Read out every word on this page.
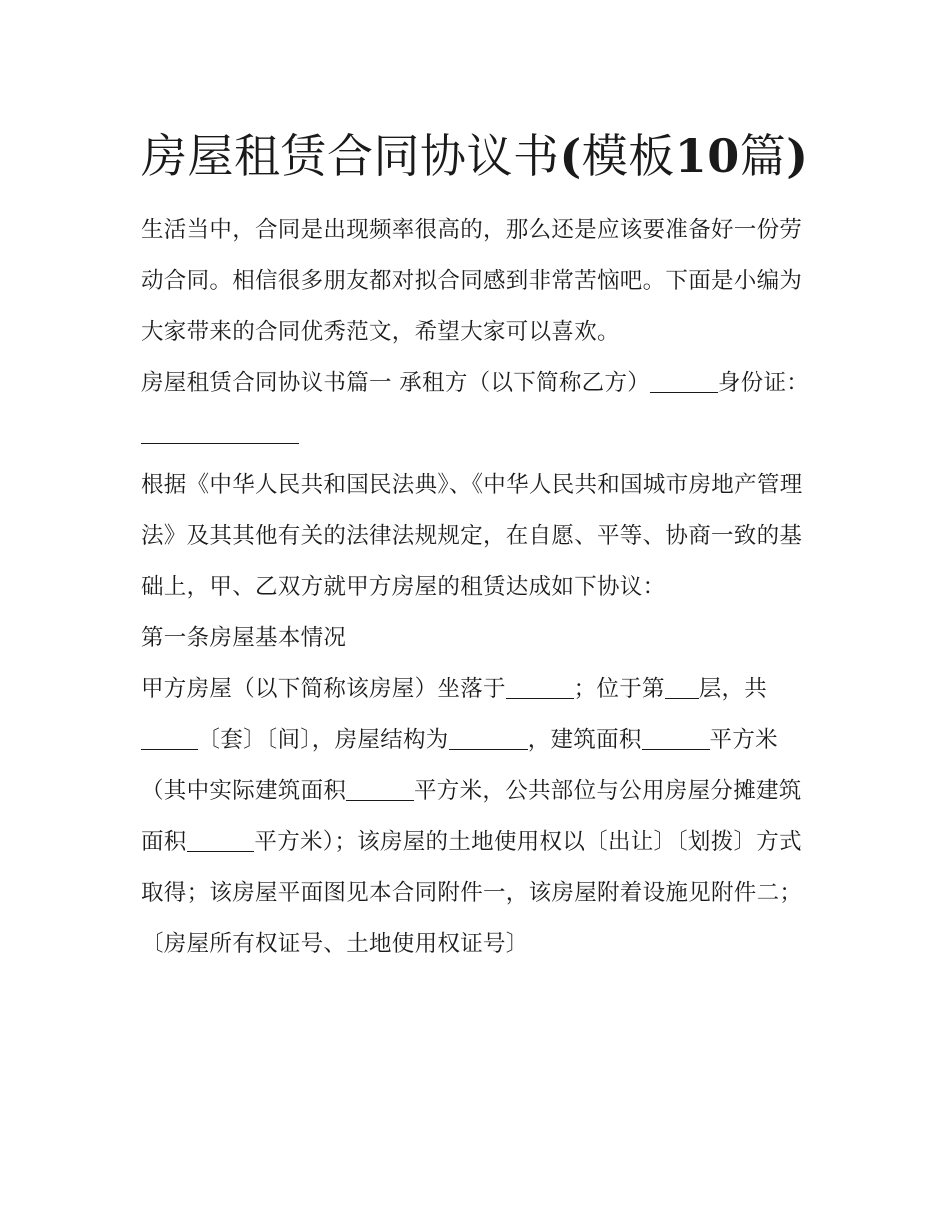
房屋租赁合同协议书(模板10篇)

生活当中，合同是出现频率很高的，那么还是应该要准备好一份劳动合同。相信很多朋友都对拟合同感到非常苦恼吧。下面是小编为大家带来的合同优秀范文，希望大家可以喜欢。

房屋租赁合同协议书篇一 承租方（以下简称乙方）	身份证：

根据《中华人民共和国民法典》、《中华人民共和国城市房地产管理法》及其其他有关的法律法规规定，在自愿、平等、协商一致的基础上，甲、乙双方就甲方房屋的租赁达成如下协议：

第一条房屋基本情况

甲方房屋（以下简称该房屋）坐落于	；位于第 层，共〔套〕〔间〕，房屋结构为	，建筑面积	平方米（其中实际建筑面积	平方米，公共部位与公用房屋分摊建筑面积	平方米）；该房屋的土地使用权以〔出让〕〔划拨〕方式取得；该房屋平面图见本合同附件一，该房屋附着设施见附件二；〔房屋所有权证号、土地使用权证号〕
